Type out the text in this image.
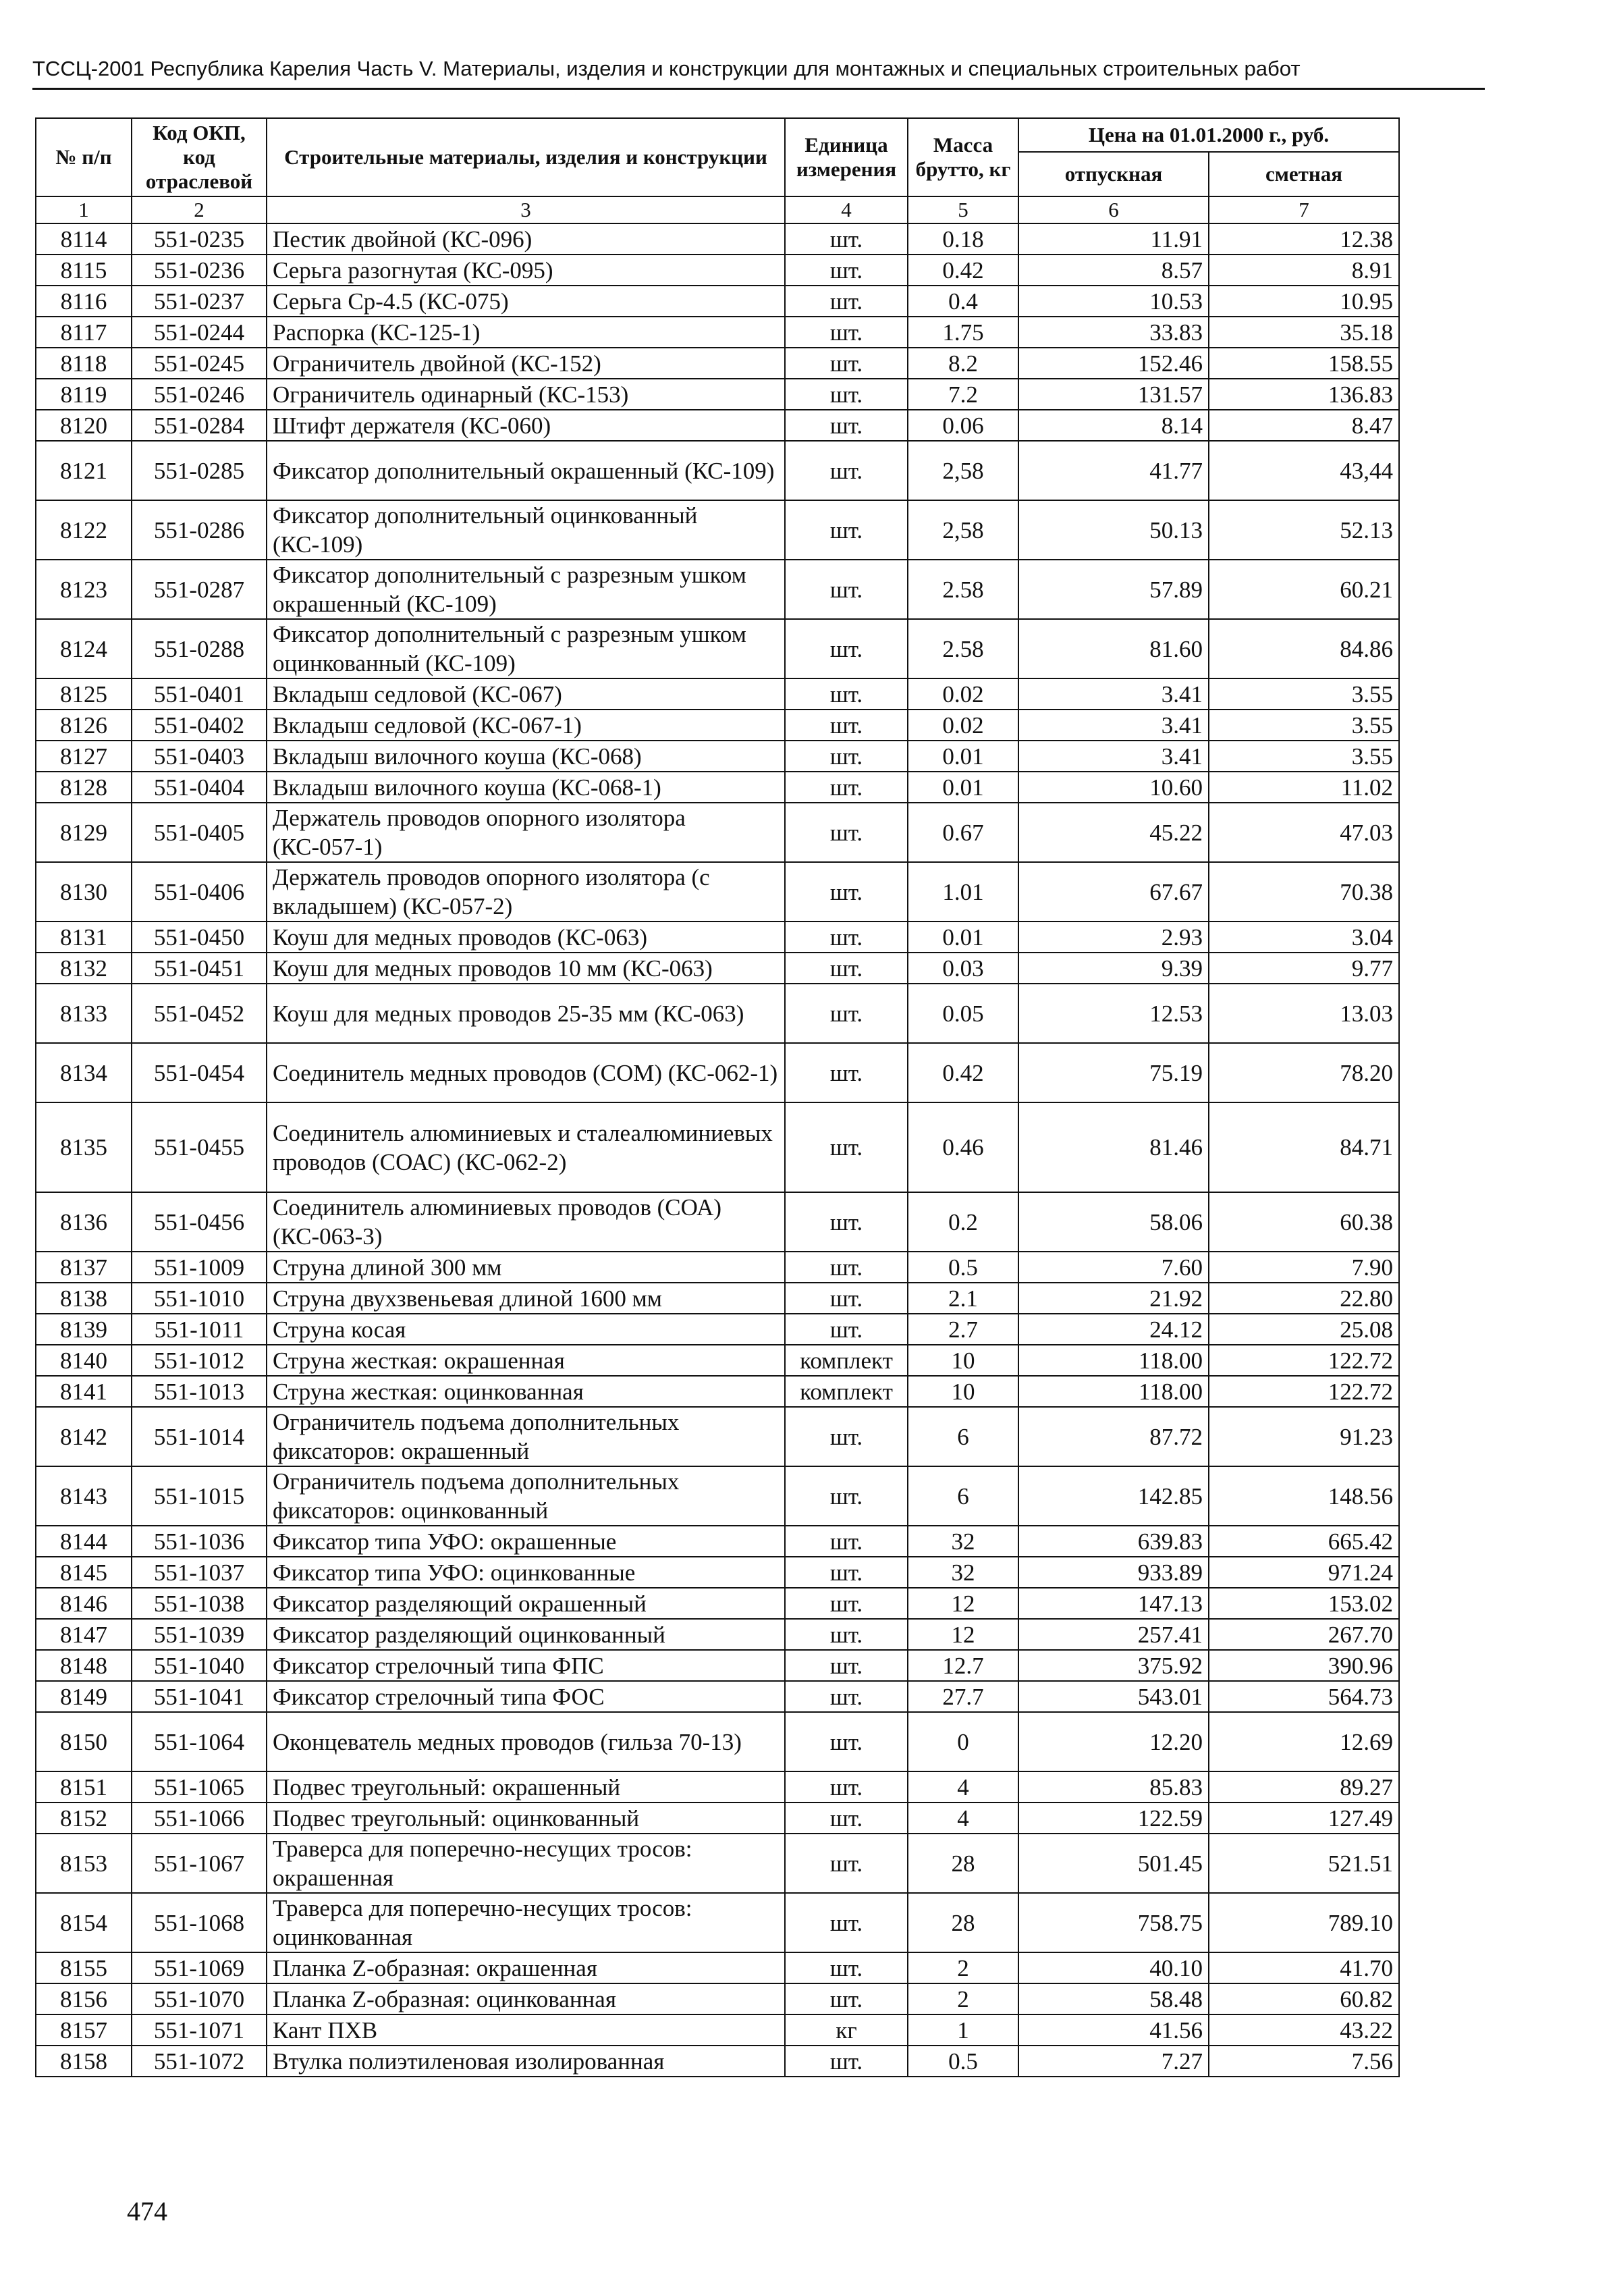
ТССЦ-2001 Республика Карелия Часть V. Материалы, изделия и конструкции для монтажных и специальных строительных работ
№ п/п	Код ОКП, код отраслевой	Строительные материалы, изделия и конструкции	Единица измерения	Масса брутто, кг	Цена на 01.01.2000 г., руб.	
					отпускная	сметная
1	2	3	4	5	6	7
8114	551-0235	Пестик двойной (КС-096)	шт.	0.18	11.91	12.38
8115	551-0236	Серьга разогнутая (КС-095)	шт.	0.42	8.57	8.91
8116	551-0237	Серьга Ср-4.5 (КС-075)	шт.	0.4	10.53	10.95
8117	551-0244	Распорка (КС-125-1)	шт.	1.75	33.83	35.18
8118	551-0245	Ограничитель двойной (КС-152)	шт.	8.2	152.46	158.55
8119	551-0246	Ограничитель одинарный (КС-153)	шт.	7.2	131.57	136.83
8120	551-0284	Штифт держателя (КС-060)	шт.	0.06	8.14	8.47
8121	551-0285	Фиксатор дополнительный окрашенный (КС-109)	шт.	2,58	41.77	43,44
8122	551-0286	Фиксатор дополнительный оцинкованный (КС-109)	шт.	2,58	50.13	52.13
8123	551-0287	Фиксатор дополнительный с разрезным ушком окрашенный (КС-109)	шт.	2.58	57.89	60.21
8124	551-0288	Фиксатор дополнительный с разрезным ушком оцинкованный (КС-109)	шт.	2.58	81.60	84.86
8125	551-0401	Вкладыш седловой (КС-067)	шт.	0.02	3.41	3.55
8126	551-0402	Вкладыш седловой (КС-067-1)	шт.	0.02	3.41	3.55
8127	551-0403	Вкладыш вилочного коуша (КС-068)	шт.	0.01	3.41	3.55
8128	551-0404	Вкладыш вилочного коуша (КС-068-1)	шт.	0.01	10.60	11.02
8129	551-0405	Держатель проводов опорного изолятора (КС-057-1)	шт.	0.67	45.22	47.03
8130	551-0406	Держатель проводов опорного изолятора (с вкладышем) (КС-057-2)	шт.	1.01	67.67	70.38
8131	551-0450	Коуш для медных проводов (КС-063)	шт.	0.01	2.93	3.04
8132	551-0451	Коуш для медных проводов 10 мм (КС-063)	шт.	0.03	9.39	9.77
8133	551-0452	Коуш для медных проводов 25-35 мм (КС-063)	шт.	0.05	12.53	13.03
8134	551-0454	Соединитель медных проводов (СОМ) (КС-062-1)	шт.	0.42	75.19	78.20
8135	551-0455	Соединитель алюминиевых и сталеалюминиевых проводов (СОАС) (КС-062-2)	шт.	0.46	81.46	84.71
8136	551-0456	Соединитель алюминиевых проводов (СОА) (КС-063-3)	шт.	0.2	58.06	60.38
8137	551-1009	Струна длиной 300 мм	шт.	0.5	7.60	7.90
8138	551-1010	Струна двухзвеньевая длиной 1600 мм	шт.	2.1	21.92	22.80
8139	551-1011	Струна косая	шт.	2.7	24.12	25.08
8140	551-1012	Струна жесткая: окрашенная	комплект	10	118.00	122.72
8141	551-1013	Струна жесткая: оцинкованная	комплект	10	118.00	122.72
8142	551-1014	Ограничитель подъема дополнительных фиксаторов: окрашенный	шт.	6	87.72	91.23
8143	551-1015	Ограничитель подъема дополнительных фиксаторов: оцинкованный	шт.	6	142.85	148.56
8144	551-1036	Фиксатор типа УФО: окрашенные	шт.	32	639.83	665.42
8145	551-1037	Фиксатор типа УФО: оцинкованные	шт.	32	933.89	971.24
8146	551-1038	Фиксатор разделяющий окрашенный	шт.	12	147.13	153.02
8147	551-1039	Фиксатор разделяющий оцинкованный	шт.	12	257.41	267.70
8148	551-1040	Фиксатор стрелочный типа ФПС	шт.	12.7	375.92	390.96
8149	551-1041	Фиксатор стрелочный типа ФОС	шт.	27.7	543.01	564.73
8150	551-1064	Оконцеватель медных проводов (гильза 70-13)	шт.	0	12.20	12.69
8151	551-1065	Подвес треугольный: окрашенный	шт.	4	85.83	89.27
8152	551-1066	Подвес треугольный: оцинкованный	шт.	4	122.59	127.49
8153	551-1067	Траверса для поперечно-несущих тросов: окрашенная	шт.	28	501.45	521.51
8154	551-1068	Траверса для поперечно-несущих тросов: оцинкованная	шт.	28	758.75	789.10
8155	551-1069	Планка Z-образная: окрашенная	шт.	2	40.10	41.70
8156	551-1070	Планка Z-образная: оцинкованная	шт.	2	58.48	60.82
8157	551-1071	Кант ПХВ	кг	1	41.56	43.22
8158	551-1072	Втулка полиэтиленовая изолированная	шт.	0.5	7.27	7.56
474
